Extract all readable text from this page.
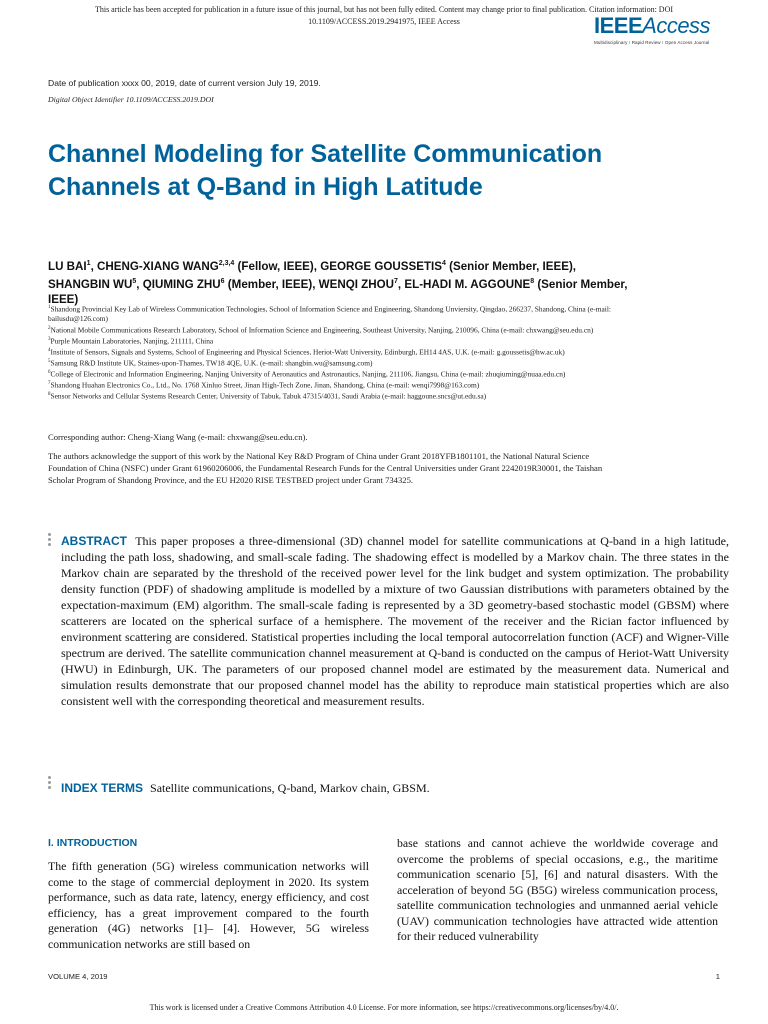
This article has been accepted for publication in a future issue of this journal, but has not been fully edited. Content may change prior to final publication. Citation information: DOI
10.1109/ACCESS.2019.2941975, IEEE Access	IEEEAccess
Multidisciplinary ⁝ Rapid Review ⁝ Open Access Journal
Date of publication xxxx 00, 2019, date of current version July 19, 2019.
Digital Object Identifier 10.1109/ACCESS.2019.DOI
Channel Modeling for Satellite Communication Channels at Q-Band in High Latitude
LU BAI$^1$, CHENG-XIANG WANG$^{2,3,4}$ (Fellow, IEEE), GEORGE GOUSSETIS$^4$ (Senior Member, IEEE), SHANGBIN $WU^5$, QIUMING ZHU$^6$ (Member, IEEE), WENQI ZHOU$^7$, EL-HADI M. AGGOUNE$^8$ (Senior Member, IEEE)

$^1$Shandong Provincial Key Lab of Wireless Communication Technologies, School of Information Science and Engineering, Shandong Unviersity, Qingdao, 266237, Shandong, China (e-mail: bailusdu@126.com)

$^2$National Mobile Communications Research Laboratory, School of Information Science and Engineering, Southeast University, Nanjing, 210096, China (e-mail: chxwang@seu.edu.cn)

$^3$Purple Mountain Laboratories, Nanjing, 211111, China

$^4$Institute of Sensors, Signals and Systems, School of Engineering and Physical Sciences, Heriot-Watt University, Edinburgh, EH14 4AS, U.K. (e-mail: g.goussetis@hw.ac.uk)

$^5$Samsung R&D Institute UK, Staines-upon-Thames, TW18 4QE, U.K. (e-mail: shangbin.wu@samsung.com)

$^6$College of Electronic and Information Engineering, Nanjing University of Aeronautics and Astronautics, Nanjing, 211106, Jiangsu, China (e-mail: zhuqiuming@nuaa.edu.cn)

$^7$Shandong Huahan Electronics Co., Ltd., No. 1768 Xinluo Street, Jinan High-Tech Zone, Jinan, Shandong, China (e-mail: wenqi7998@163.com)

$^8$Sensor Networks and Cellular Systems Research Center, University of Tabuk, Tabuk 47315/4031, Saudi Arabia (e-mail: haggoune.sncs@ut.edu.sa)

Corresponding author: Cheng-Xiang Wang (e-mail: chxwang@seu.edu.cn).
The authors acknowledge the support of this work by the National Key R&D Program of China under Grant 2018YFB1801101, the National Natural Science Foundation of China (NSFC) under Grant 61960206006, the Fundamental Research Funds for the Central Universities under Grant 2242019R30001, the Taishan Scholar Program of Shandong Province, and the EU H2020 RISE TESTBED project under Grant 734325.
ABSTRACT This paper proposes a three-dimensional (3D) channel model for satellite communications at Q-band in a high latitude, including the path loss, shadowing, and small-scale fading. The shadowing effect is modelled by a Markov chain. The three states in the Markov chain are separated by the threshold of the received power level for the link budget and system optimization. The probability density function (PDF) of shadowing amplitude is modelled by a mixture of two Gaussian distributions with parameters obtained by the expectation-maximum (EM) algorithm. The small-scale fading is represented by a 3D geometry-based stochastic model (GBSM) where scatterers are located on the spherical surface of a hemisphere. The movement of the receiver and the Rician factor influenced by environment scattering are considered. Statistical properties including the local temporal autocorrelation function (ACF) and Wigner-Ville spectrum are derived. The satellite communication channel measurement at Q-band is conducted on the campus of Heriot-Watt University (HWU) in Edinburgh, UK. The parameters of our proposed channel model are estimated by the measurement data. Numerical and simulation results demonstrate that our proposed channel model has the ability to reproduce main statistical properties which are also consistent well with the corresponding theoretical and measurement results.
INDEX TERMS Satellite communications, Q-band, Markov chain, GBSM.
I. INTRODUCTION
The fifth generation (5G) wireless communication networks will come to the stage of commercial deployment in 2020. Its system performance, such as data rate, latency, energy efficiency, and cost efficiency, has a great improvement compared to the fourth generation (4G) networks [1]– [4]. However, 5G wireless communication networks are still based on
base stations and cannot achieve the worldwide coverage and overcome the problems of special occasions, e.g., the maritime communication scenario [5], [6] and natural disasters. With the acceleration of beyond 5G (B5G) wireless communication process, satellite communication technologies and unmanned aerial vehicle (UAV) communication technologies have attracted wide attention for their reduced vulnerability
VOLUME 4, 2019	1
This work is licensed under a Creative Commons Attribution 4.0 License. For more information, see https://creativecommons.org/licenses/by/4.0/.
